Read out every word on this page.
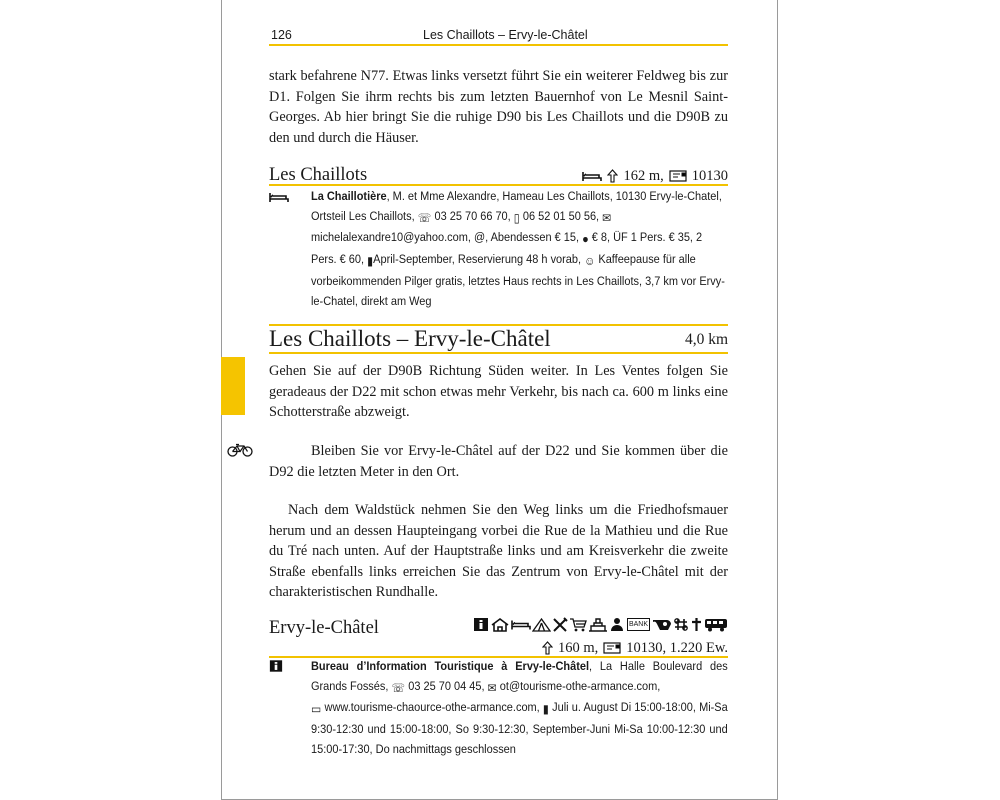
126	Les Chaillots – Ervy-le-Châtel

stark befahrene N77. Etwas links versetzt führt Sie ein weiterer Feldweg bis zur D1. Folgen Sie ihrm rechts bis zum letzten Bauernhof von Le Mesnil Saint-Georges. Ab hier bringt Sie die ruhige D90 bis Les Chaillots und die D90B zu den und durch die Häuser.

Les Chaillots	162 m, 10130

La Chaillotière, M. et Mme Alexandre, Hameau Les Chaillots, 10130 Ervy-le-Chatel, Ortsteil Les Chaillots, ☏ 03 25 70 66 70, ▯ 06 52 01 50 56, ✉ michelalexandre10@yahoo.com, @, Abendessen € 15, ● € 8, ÜF 1 Pers. € 35, 2 Pers. € 60, ▮April-September, Reservierung 48 h vorab, ☺ Kaffeepause für alle vorbeikommenden Pilger gratis, letztes Haus rechts in Les Chaillots, 3,7 km vor Ervy-le-Chatel, direkt am Weg

Les Chaillots – Ervy-le-Châtel	4,0 km

Gehen Sie auf der D90B Richtung Süden weiter. In Les Ventes folgen Sie geradeaus der D22 mit schon etwas mehr Verkehr, bis nach ca. 600 m links eine Schotterstraße abzweigt.

Bleiben Sie vor Ervy-le-Châtel auf der D22 und Sie kommen über die D92 die letzten Meter in den Ort.

Nach dem Waldstück nehmen Sie den Weg links um die Friedhofsmauer herum und an dessen Haupteingang vorbei die Rue de la Mathieu und die Rue du Tré nach unten. Auf der Hauptstraße links und am Kreisverkehr die zweite Straße ebenfalls links erreichen Sie das Zentrum von Ervy-le-Châtel mit der charakteristischen Rundhalle.

Ervy-le-Châtel	BANK
160 m, 10130, 1.220 Ew.

Bureau d’Information Touristique à Ervy-le-Châtel, La Halle Boulevard des Grands Fossés, ☏ 03 25 70 04 45, ✉ ot@tourisme-othe-armance.com,
▭ www.tourisme-chaource-othe-armance.com, ▮ Juli u. August Di 15:00-18:00, Mi-Sa 9:30-12:30 und 15:00-18:00, So 9:30-12:30, September-Juni Mi-Sa 10:00-12:30 und 15:00-17:30, Do nachmittags geschlossen
